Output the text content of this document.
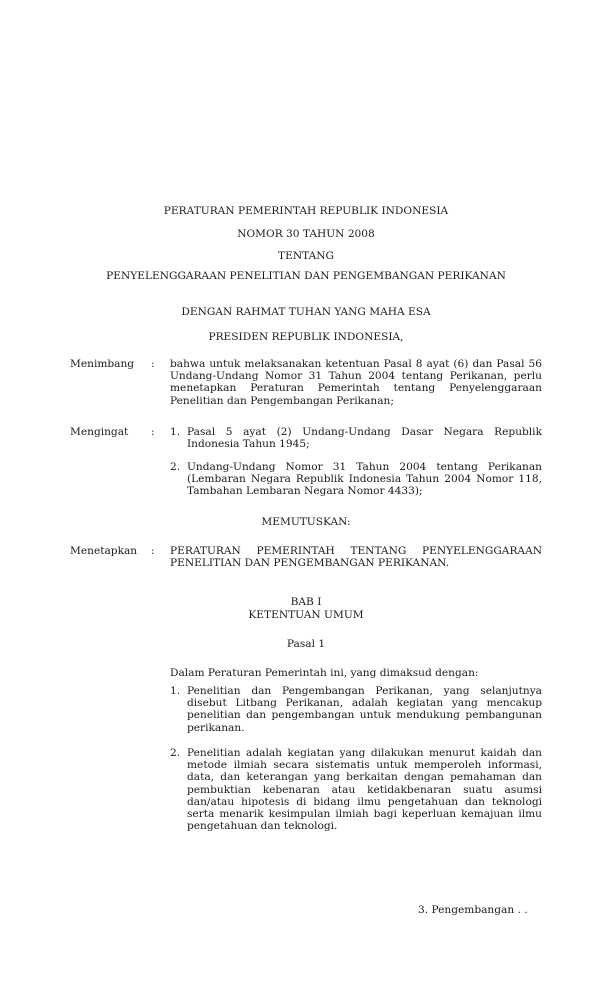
PERATURAN PEMERINTAH REPUBLIK INDONESIA
NOMOR 30 TAHUN 2008
TENTANG
PENYELENGGARAAN PENELITIAN DAN PENGEMBANGAN PERIKANAN
DENGAN RAHMAT TUHAN YANG MAHA ESA
PRESIDEN REPUBLIK INDONESIA,
Menimbang : bahwa untuk melaksanakan ketentuan Pasal 8 ayat (6) dan Pasal 56 Undang-Undang Nomor 31 Tahun 2004 tentang Perikanan, perlu menetapkan Peraturan Pemerintah tentang Penyelenggaraan Penelitian dan Pengembangan Perikanan;
Mengingat : 1. Pasal 5 ayat (2) Undang-Undang Dasar Negara Republik Indonesia Tahun 1945;
2. Undang-Undang Nomor 31 Tahun 2004 tentang Perikanan (Lembaran Negara Republik Indonesia Tahun 2004 Nomor 118, Tambahan Lembaran Negara Nomor 4433);
MEMUTUSKAN:
Menetapkan : PERATURAN PEMERINTAH TENTANG PENYELENGGARAAN PENELITIAN DAN PENGEMBANGAN PERIKANAN.
BAB I
KETENTUAN UMUM
Pasal 1
Dalam Peraturan Pemerintah ini, yang dimaksud dengan:
1. Penelitian dan Pengembangan Perikanan, yang selanjutnya disebut Litbang Perikanan, adalah kegiatan yang mencakup penelitian dan pengembangan untuk mendukung pembangunan perikanan.
2. Penelitian adalah kegiatan yang dilakukan menurut kaidah dan metode ilmiah secara sistematis untuk memperoleh informasi, data, dan keterangan yang berkaitan dengan pemahaman dan pembuktian kebenaran atau ketidakbenaran suatu asumsi dan/atau hipotesis di bidang ilmu pengetahuan dan teknologi serta menarik kesimpulan ilmiah bagi keperluan kemajuan ilmu pengetahuan dan teknologi.
3. Pengembangan . .
